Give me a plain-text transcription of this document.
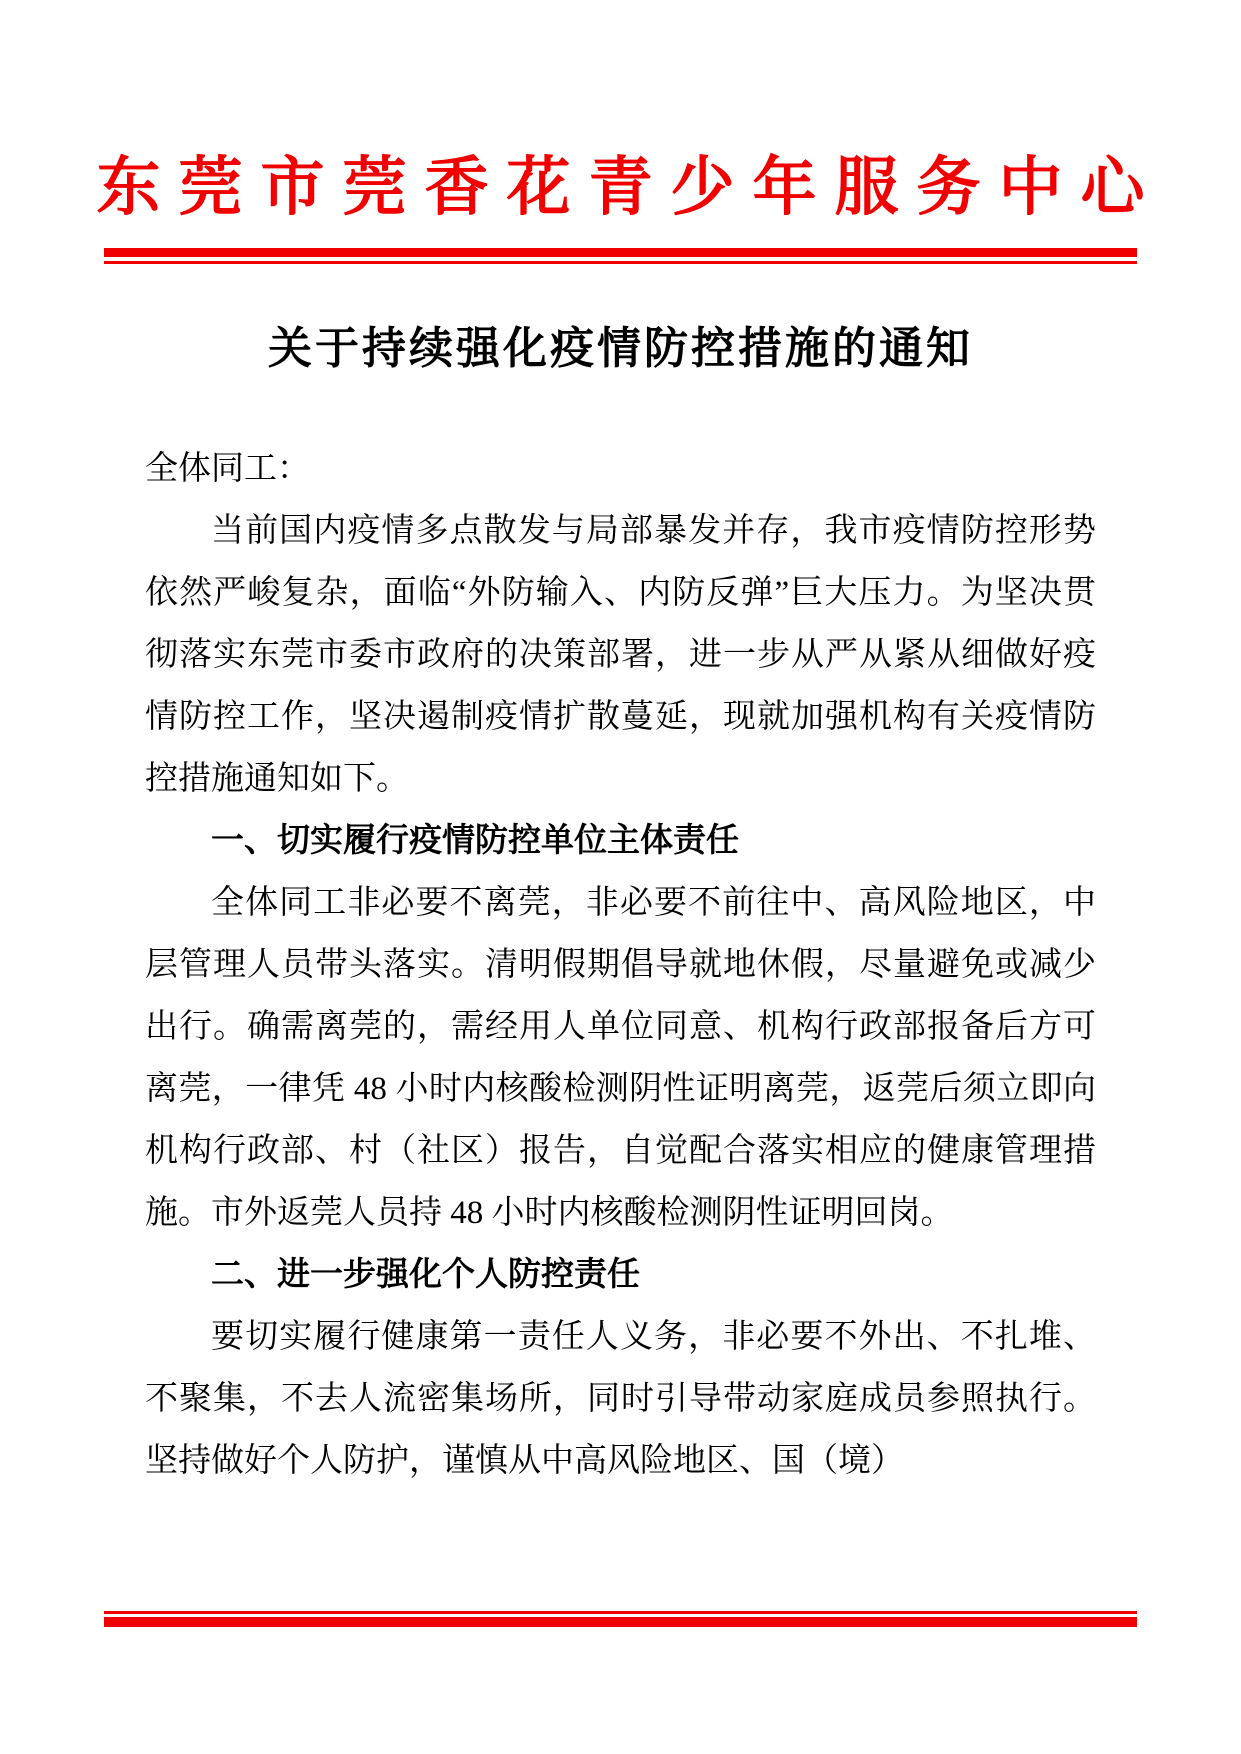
东莞市莞香花青少年服务中心
关于持续强化疫情防控措施的通知

全体同工：

当前国内疫情多点散发与局部暴发并存，我市疫情防控形势依然严峻复杂，面临“外防输入、内防反弹”巨大压力。为坚决贯彻落实东莞市委市政府的决策部署，进一步从严从紧从细做好疫情防控工作，坚决遏制疫情扩散蔓延，现就加强机构有关疫情防控措施通知如下。

一、切实履行疫情防控单位主体责任

全体同工非必要不离莞，非必要不前往中、高风险地区，中层管理人员带头落实。清明假期倡导就地休假，尽量避免或减少出行。确需离莞的，需经用人单位同意、机构行政部报备后方可离莞，一律凭 48 小时内核酸检测阴性证明离莞，返莞后须立即向机构行政部、村（社区）报告，自觉配合落实相应的健康管理措施。市外返莞人员持 48 小时内核酸检测阴性证明回岗。

二、进一步强化个人防控责任

要切实履行健康第一责任人义务，非必要不外出、不扎堆、不聚集，不去人流密集场所，同时引导带动家庭成员参照执行。坚持做好个人防护，谨慎从中高风险地区、国（境）
